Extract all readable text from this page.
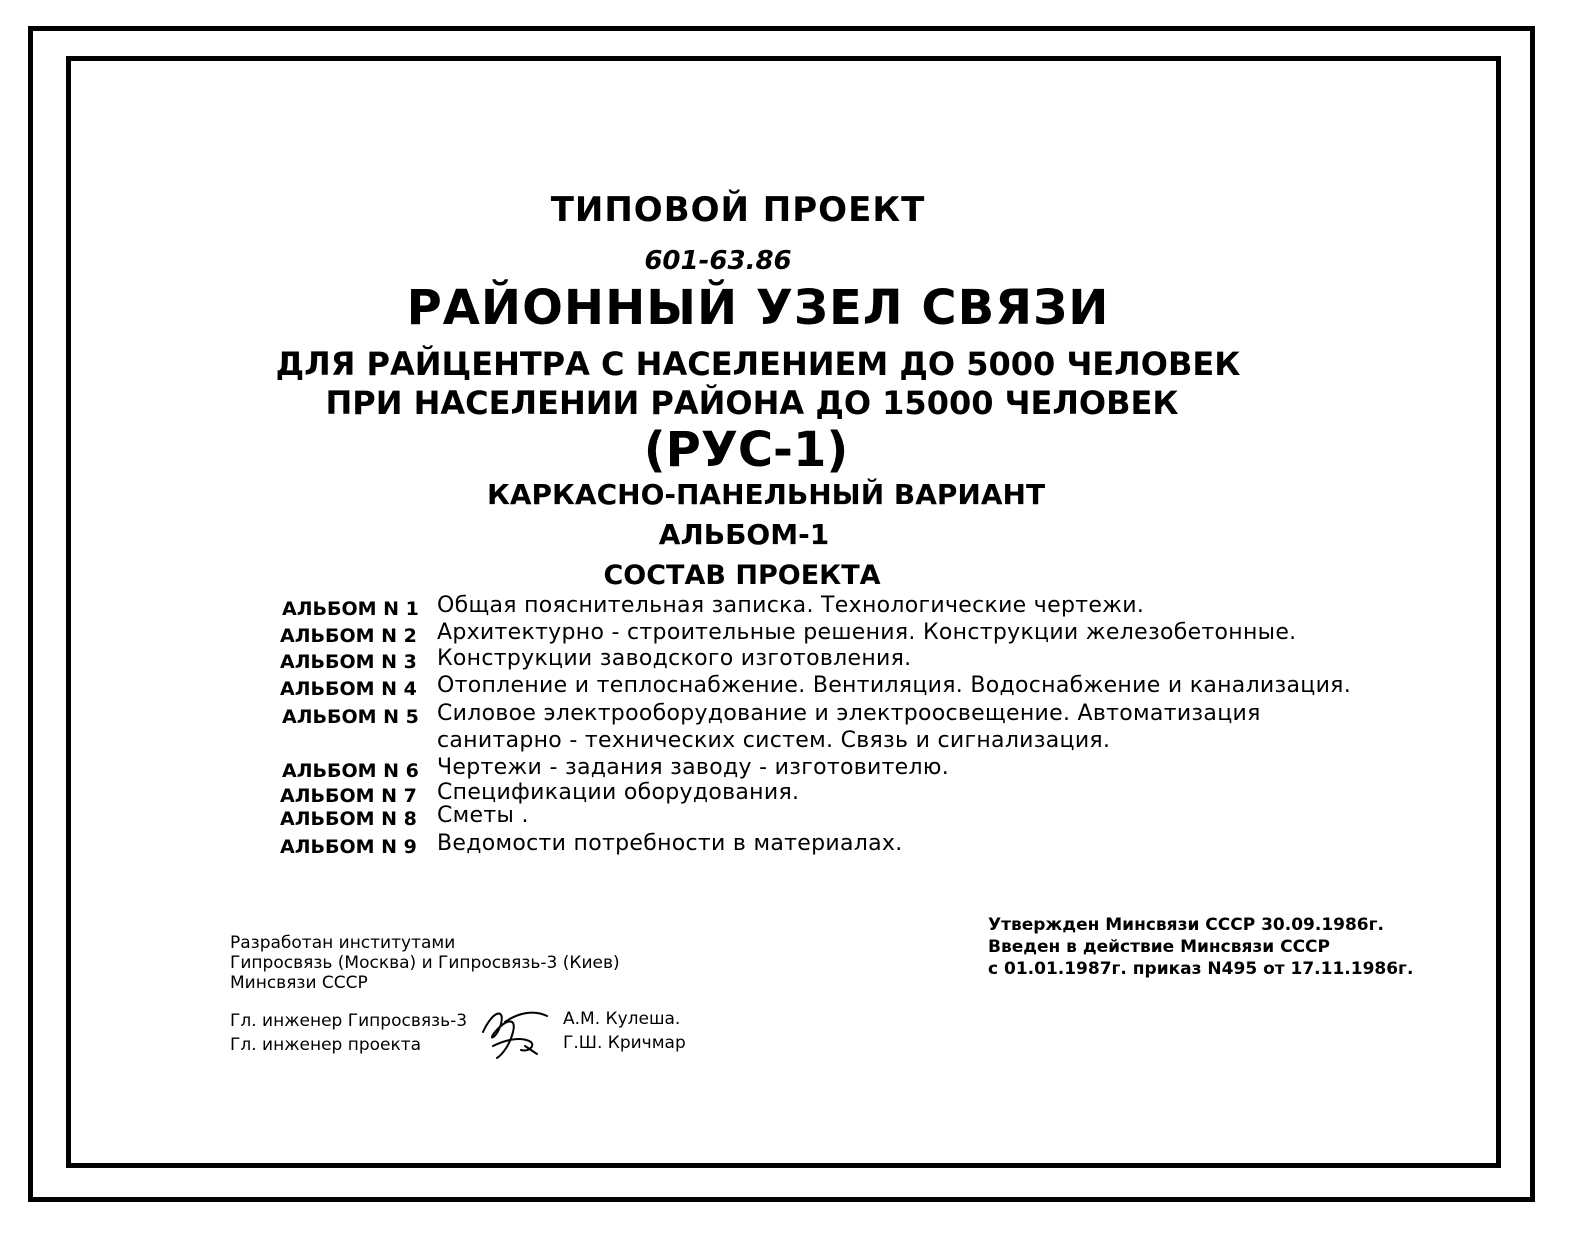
ТИПОВОЙ ПРОЕКТ
601-63.86
РАЙОННЫЙ УЗЕЛ СВЯЗИ
ДЛЯ РАЙЦЕНТРА С НАСЕЛЕНИЕМ ДО 5000 ЧЕЛОВЕК
ПРИ НАСЕЛЕНИИ РАЙОНА ДО 15000 ЧЕЛОВЕК
(РУС-1)
КАРКАСНО-ПАНЕЛЬНЫЙ ВАРИАНТ
АЛЬБОМ-1
СОСТАВ ПРОЕКТА
АЛЬБОМ N 1 Общая пояснительная записка. Технологические чертежи.
АЛЬБОМ N 2 Архитектурно - строительные решения. Конструкции железобетонные.
АЛЬБОМ N 3 Конструкции заводского изготовления.
АЛЬБОМ N 4 Отопление и теплоснабжение. Вентиляция. Водоснабжение и канализация.
АЛЬБОМ N 5 Силовое электрооборудование и электроосвещение. Автоматизация
санитарно - технических систем. Связь и сигнализация.
АЛЬБОМ N 6 Чертежи - задания заводу - изготовителю.
АЛЬБОМ N 7 Спецификации оборудования.
АЛЬБОМ N 8 Сметы .
АЛЬБОМ N 9 Ведомости потребности в материалах.
Разработан институтами
Гипросвязь (Москва) и Гипросвязь-3 (Киев)
Минсвязи СССР
Утвержден Минсвязи СССР 30.09.1986г.
Введен в действие Минсвязи СССР
с 01.01.1987г. приказ N495 от 17.11.1986г.
Гл. инженер Гипросвязь-3	А.М. Кулеша.
Гл. инженер проекта	Г.Ш. Кричмар
